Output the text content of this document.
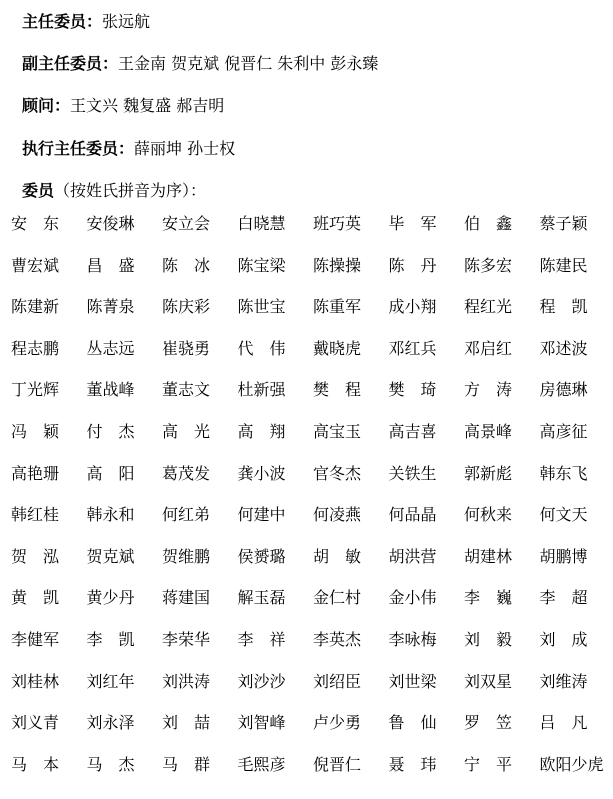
主任委员：张远航
副主任委员：王金南 贺克斌 倪晋仁 朱利中 彭永臻
顾问：王文兴 魏复盛 郝吉明
执行主任委员：薛丽坤 孙士权
委员（按姓氏拼音为序）：
安　东	安俊琳	安立会	白晓慧	班巧英	毕　军	伯　鑫	蔡子颖
曹宏斌	昌　盛	陈　冰	陈宝梁	陈操操	陈　丹	陈多宏	陈建民
陈建新	陈菁泉	陈庆彩	陈世宝	陈重军	成小翔	程红光	程　凯
程志鹏	丛志远	崔骁勇	代　伟	戴晓虎	邓红兵	邓启红	邓述波
丁光辉	董战峰	董志文	杜新强	樊　程	樊　琦	方　涛	房德琳
冯　颖	付　杰	高　光	高　翔	高宝玉	高吉喜	高景峰	高彦征
高艳珊	高　阳	葛茂发	龚小波	官冬杰	关铁生	郭新彪	韩东飞
韩红桂	韩永和	何红弟	何建中	何凌燕	何品晶	何秋来	何文天
贺　泓	贺克斌	贺维鹏	侯赟璐	胡　敏	胡洪营	胡建林	胡鹏博
黄　凯	黄少丹	蒋建国	解玉磊	金仁村	金小伟	李　巍	李　超
李健军	李　凯	李荣华	李　祥	李英杰	李咏梅	刘　毅	刘　成
刘桂林	刘红年	刘洪涛	刘沙沙	刘绍臣	刘世梁	刘双星	刘维涛
刘义青	刘永泽	刘　喆	刘智峰	卢少勇	鲁　仙	罗　笠	吕　凡
马　本	马　杰	马　群	毛熙彦	倪晋仁	聂　玮	宁　平	欧阳少虎
